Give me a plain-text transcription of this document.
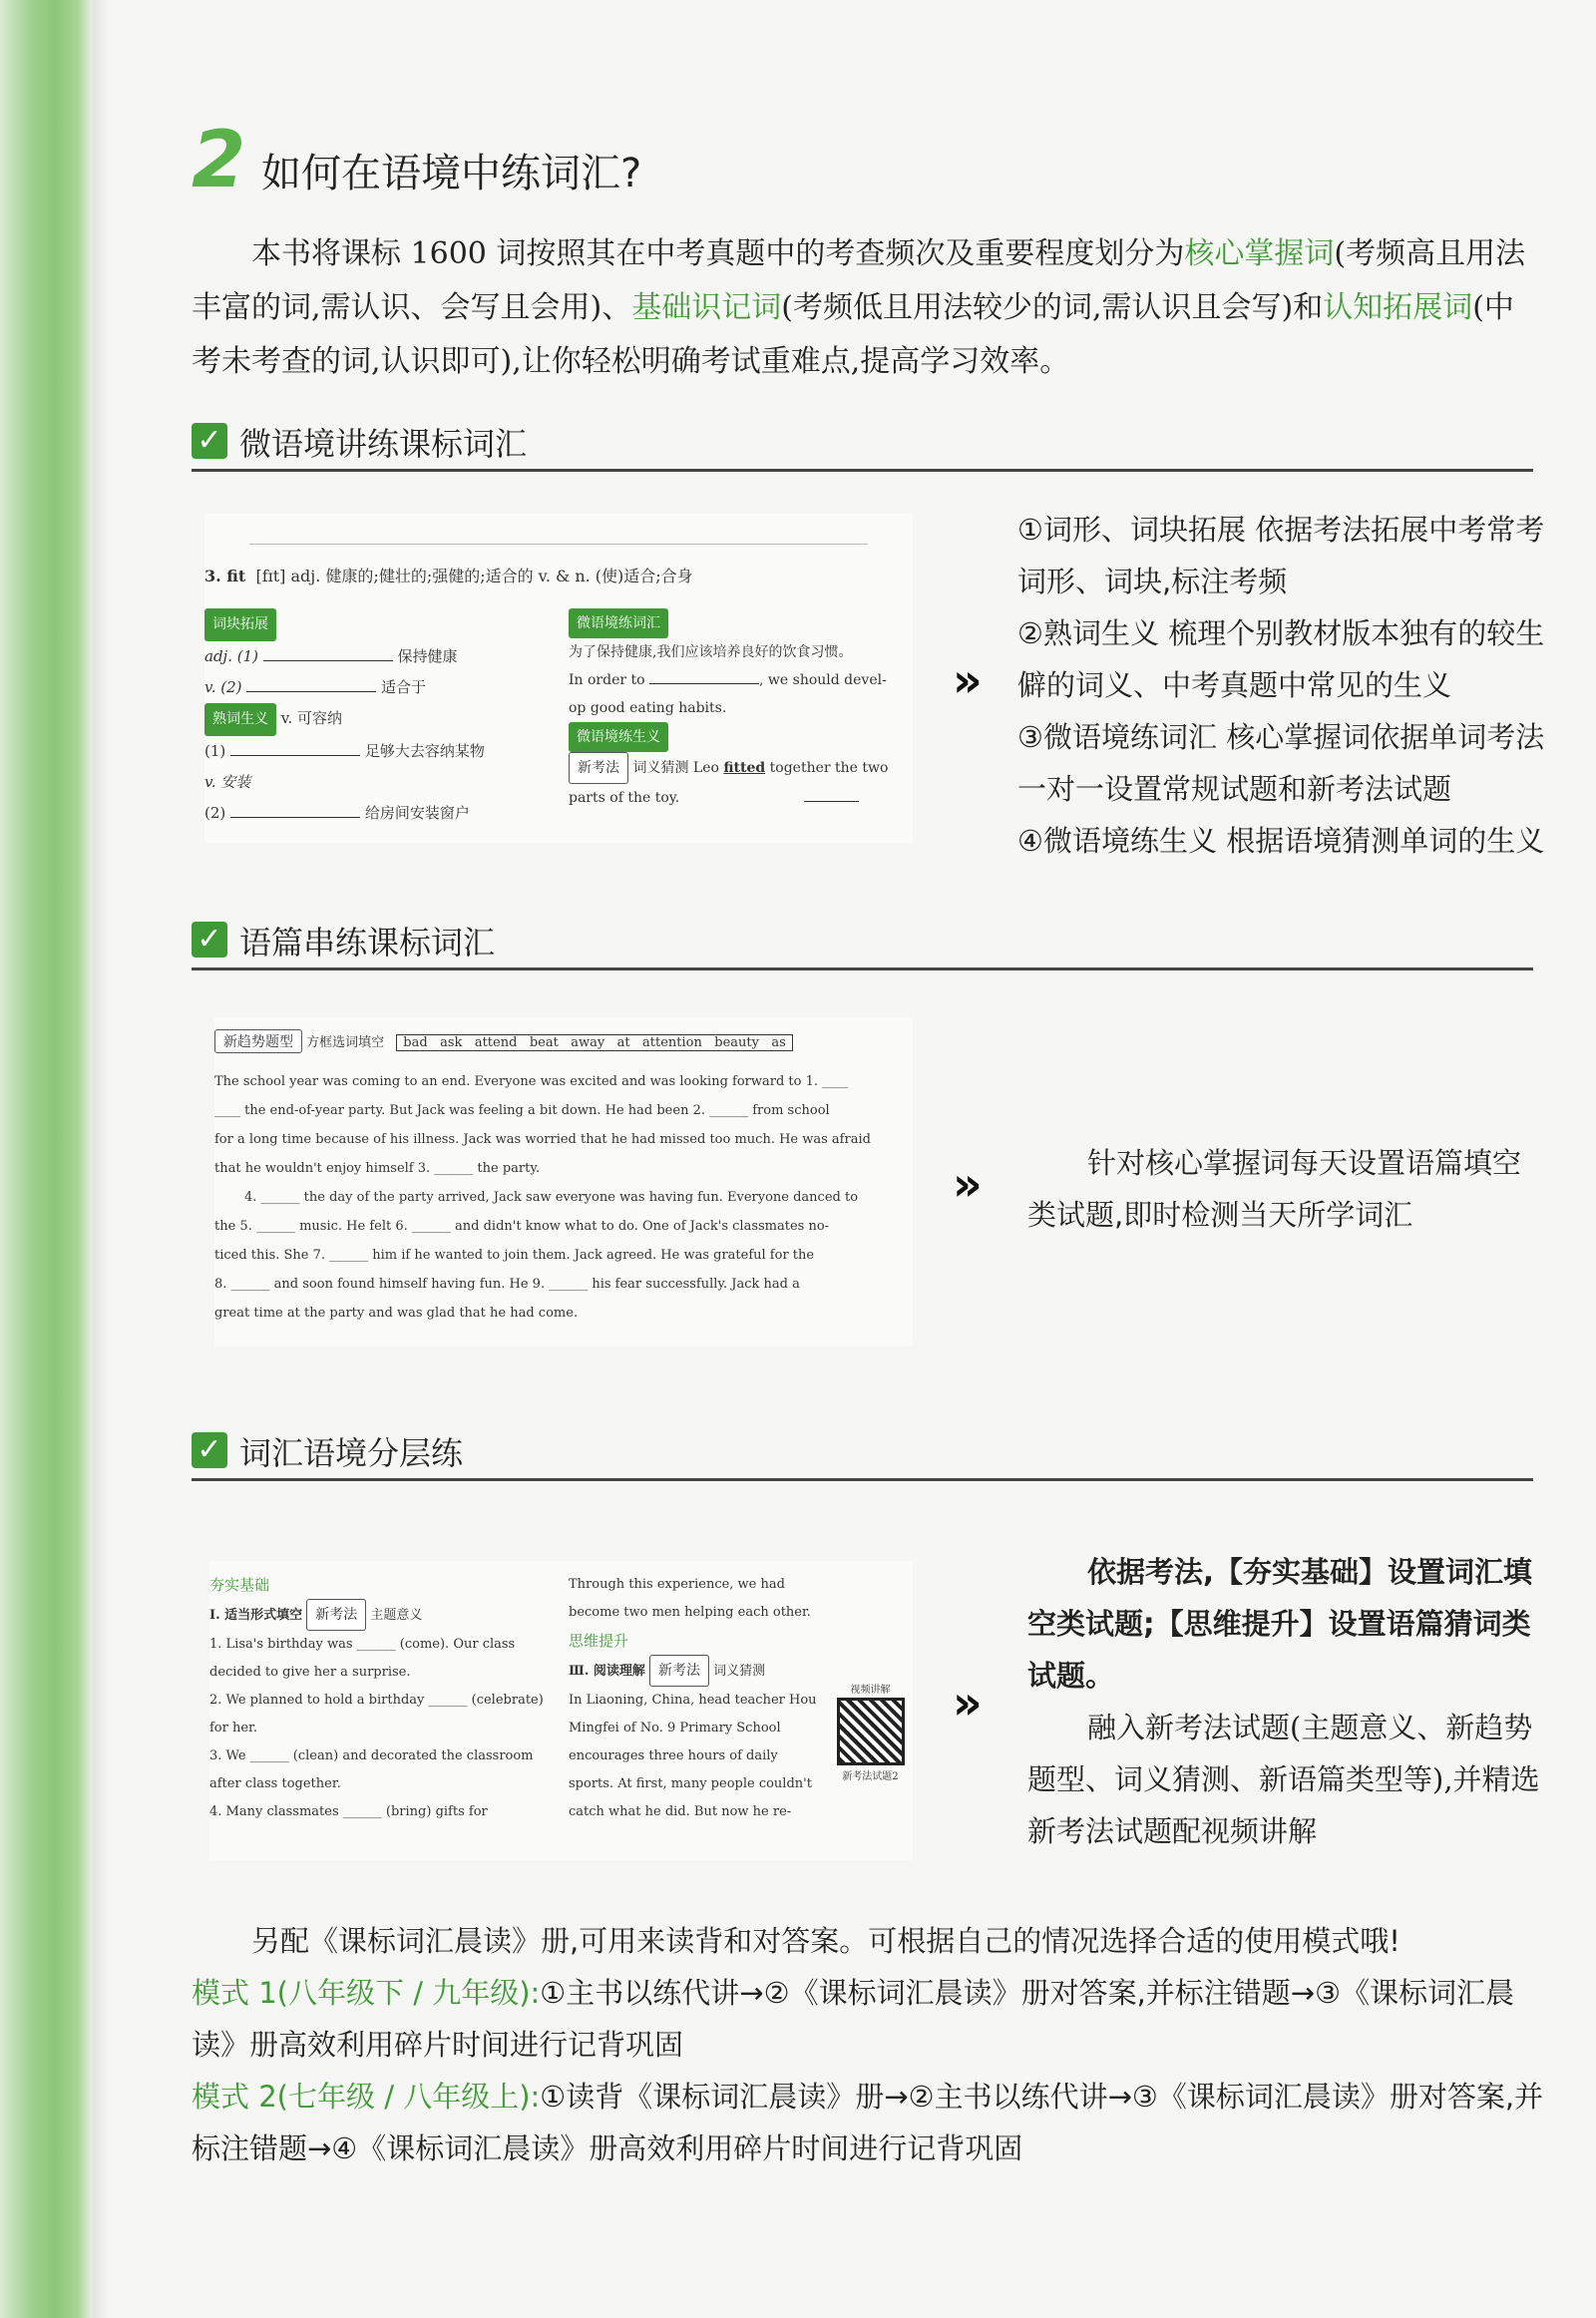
2 如何在语境中练词汇?
本书将课标 1600 词按照其在中考真题中的考查频次及重要程度划分为核心掌握词(考频高且用法丰富的词,需认识、会写且会用)、基础识记词(考频低且用法较少的词,需认识且会写)和认知拓展词(中考未考查的词,认识即可),让你轻松明确考试重难点,提高学习效率。
✓ 微语境讲练课标词汇
3. fit [fɪt] adj. 健康的;健壮的;强健的;适合的 v. & n. (使)适合;合身
词块拓展
adj. (1)	保持健康
v. (2)	适合于
熟词生义 v. 可容纳
(1)	足够大去容纳某物
v. 安装
(2)	给房间安装窗户
微语境练词汇
为了保持健康,我们应该培养良好的饮食习惯。
In order to	, we should devel-
op good eating habits.
微语境练生义
新考法 词义猜测 Leo fitted together the two
parts of the toy.
»
①词形、词块拓展 依据考法拓展中考常考词形、词块,标注考频
②熟词生义 梳理个别教材版本独有的较生僻的词义、中考真题中常见的生义
③微语境练词汇 核心掌握词依据单词考法一对一设置常规试题和新考法试题
④微语境练生义 根据语境猜测单词的生义
✓ 语篇串练课标词汇
新趋势题型 方框选词填空 bad ask attend beat away at attention beauty as
The school year was coming to an end. Everyone was excited and was looking forward to 1. ____
____ the end-of-year party. But Jack was feeling a bit down. He had been 2. ______ from school
for a long time because of his illness. Jack was worried that he had missed too much. He was afraid
that he wouldn't enjoy himself 3. ______ the party.
4. ______ the day of the party arrived, Jack saw everyone was having fun. Everyone danced to
the 5. ______ music. He felt 6. ______ and didn't know what to do. One of Jack's classmates no-
ticed this. She 7. ______ him if he wanted to join them. Jack agreed. He was grateful for the
8. ______ and soon found himself having fun. He 9. ______ his fear successfully. Jack had a
great time at the party and was glad that he had come.
»	针对核心掌握词每天设置语篇填空类试题,即时检测当天所学词汇
✓ 词汇语境分层练
夯实基础
Ⅰ. 适当形式填空 新考法 主题意义
1. Lisa's birthday was ______ (come). Our class decided to give her a surprise.
2. We planned to hold a birthday ______ (celebrate) for her.
3. We ______ (clean) and decorated the classroom after class together.
4. Many classmates ______ (bring) gifts for
Through this experience, we had become two men helping each other.
思维提升
Ⅲ. 阅读理解 新考法 词义猜测
In Liaoning, China, head teacher Hou Mingfei of No. 9 Primary School encourages three hours of daily sports. At first, many people couldn't catch what he did. But now he re-
视频讲解
新考法试题2
»
依据考法,【夯实基础】设置词汇填空类试题;【思维提升】设置语篇猜词类试题。
融入新考法试题(主题意义、新趋势题型、词义猜测、新语篇类型等),并精选新考法试题配视频讲解
另配《课标词汇晨读》册,可用来读背和对答案。可根据自己的情况选择合适的使用模式哦!
模式 1(八年级下 / 九年级):①主书以练代讲→②《课标词汇晨读》册对答案,并标注错题→③《课标词汇晨读》册高效利用碎片时间进行记背巩固
模式 2(七年级 / 八年级上):①读背《课标词汇晨读》册→②主书以练代讲→③《课标词汇晨读》册对答案,并标注错题→④《课标词汇晨读》册高效利用碎片时间进行记背巩固
